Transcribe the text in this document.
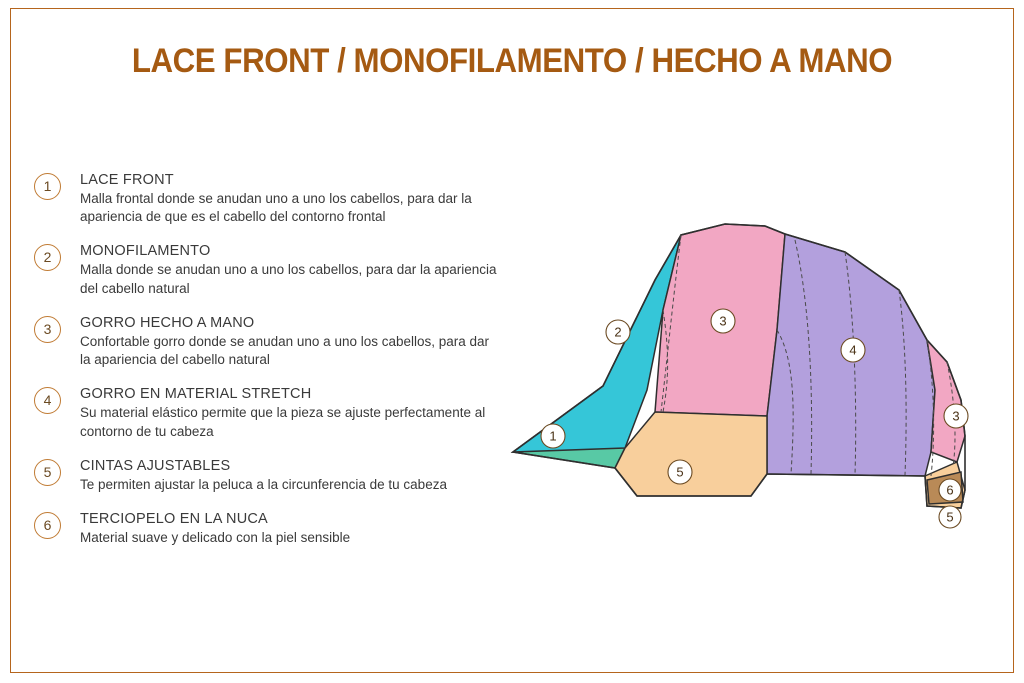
LACE FRONT / MONOFILAMENTO / HECHO A MANO
1	LACE FRONT
Malla frontal donde se anudan uno a uno los cabellos, para dar la apariencia de que es el cabello del contorno frontal
2	MONOFILAMENTO
Malla donde se anudan uno a uno los cabellos, para dar la apariencia del cabello natural
3	GORRO HECHO A MANO
Confortable gorro donde se anudan uno a uno los cabellos, para dar la apariencia del cabello natural
4	GORRO EN MATERIAL STRETCH
Su material elástico permite que la pieza se ajuste perfectamente al contorno de tu cabeza
5	CINTAS AJUSTABLES
Te permiten ajustar la peluca a la circunferencia de tu cabeza
6	TERCIOPELO EN LA NUCA
Material suave y delicado con la piel sensible
1
2
3
4
3
5
6
5
